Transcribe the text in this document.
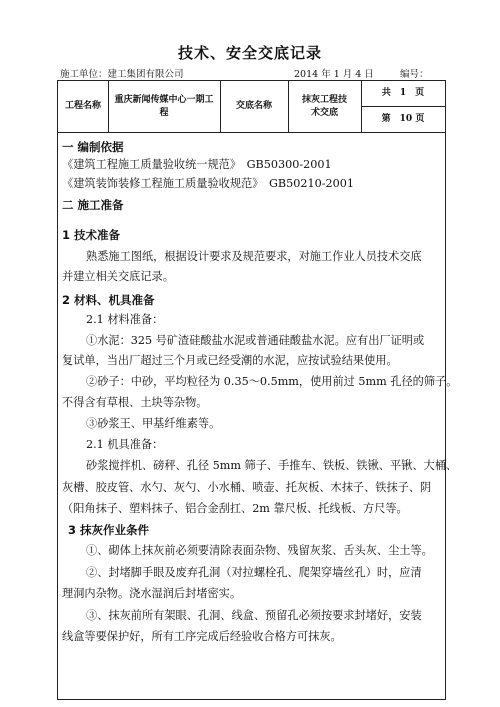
技术、安全交底记录
施工单位：建工集团有限公司	2014 年 1 月 4 日	编号：
工程名称
重庆新闻传媒中心一期工程
交底名称
抹灰工程技术交底
共　1　页
第　10 页
一 编制依据
《建筑工程施工质量验收统一规范》　GB50300-2001
《建筑装饰装修工程施工质量验收规范》　GB50210-2001
二 施工准备
1 技术准备
熟悉施工图纸，根据设计要求及规范要求，对施工作业人员技术交底
并建立相关交底记录。
2 材料、机具准备
2.1 材料准备：
①水泥：325 号矿渣硅酸盐水泥或普通硅酸盐水泥。应有出厂证明或
复试单，当出厂超过三个月或已经受潮的水泥，应按试验结果使用。
②砂子：中砂，平均粒径为 0.35～0.5mm，使用前过 5mm 孔径的筛子。
不得含有草根、土块等杂物。
③砂浆王、甲基纤维素等。
2.1 机具准备：
砂浆搅拌机、磅秤、孔径 5mm 筛子、手推车、铁板、铁锹、平锹、大桶、
灰槽、胶皮管、水勺、灰勺、小水桶、喷壶、托灰板、木抹子、铁抹子、阴
（阳角抹子、塑料抹子、铝合金刮扛、2m 靠尺板、托线板、方尺等。
3 抹灰作业条件
①、砌体上抹灰前必须要清除表面杂物、残留灰浆、舌头灰、尘土等。
②、封堵脚手眼及废弃孔洞（对拉螺栓孔、爬架穿墙丝孔）时，应清
理洞内杂物。浇水湿润后封堵密实。
③、抹灰前所有架眼、孔洞、线盒、预留孔必须按要求封堵好，安装
线盒等要保护好，所有工序完成后经验收合格方可抹灰。
